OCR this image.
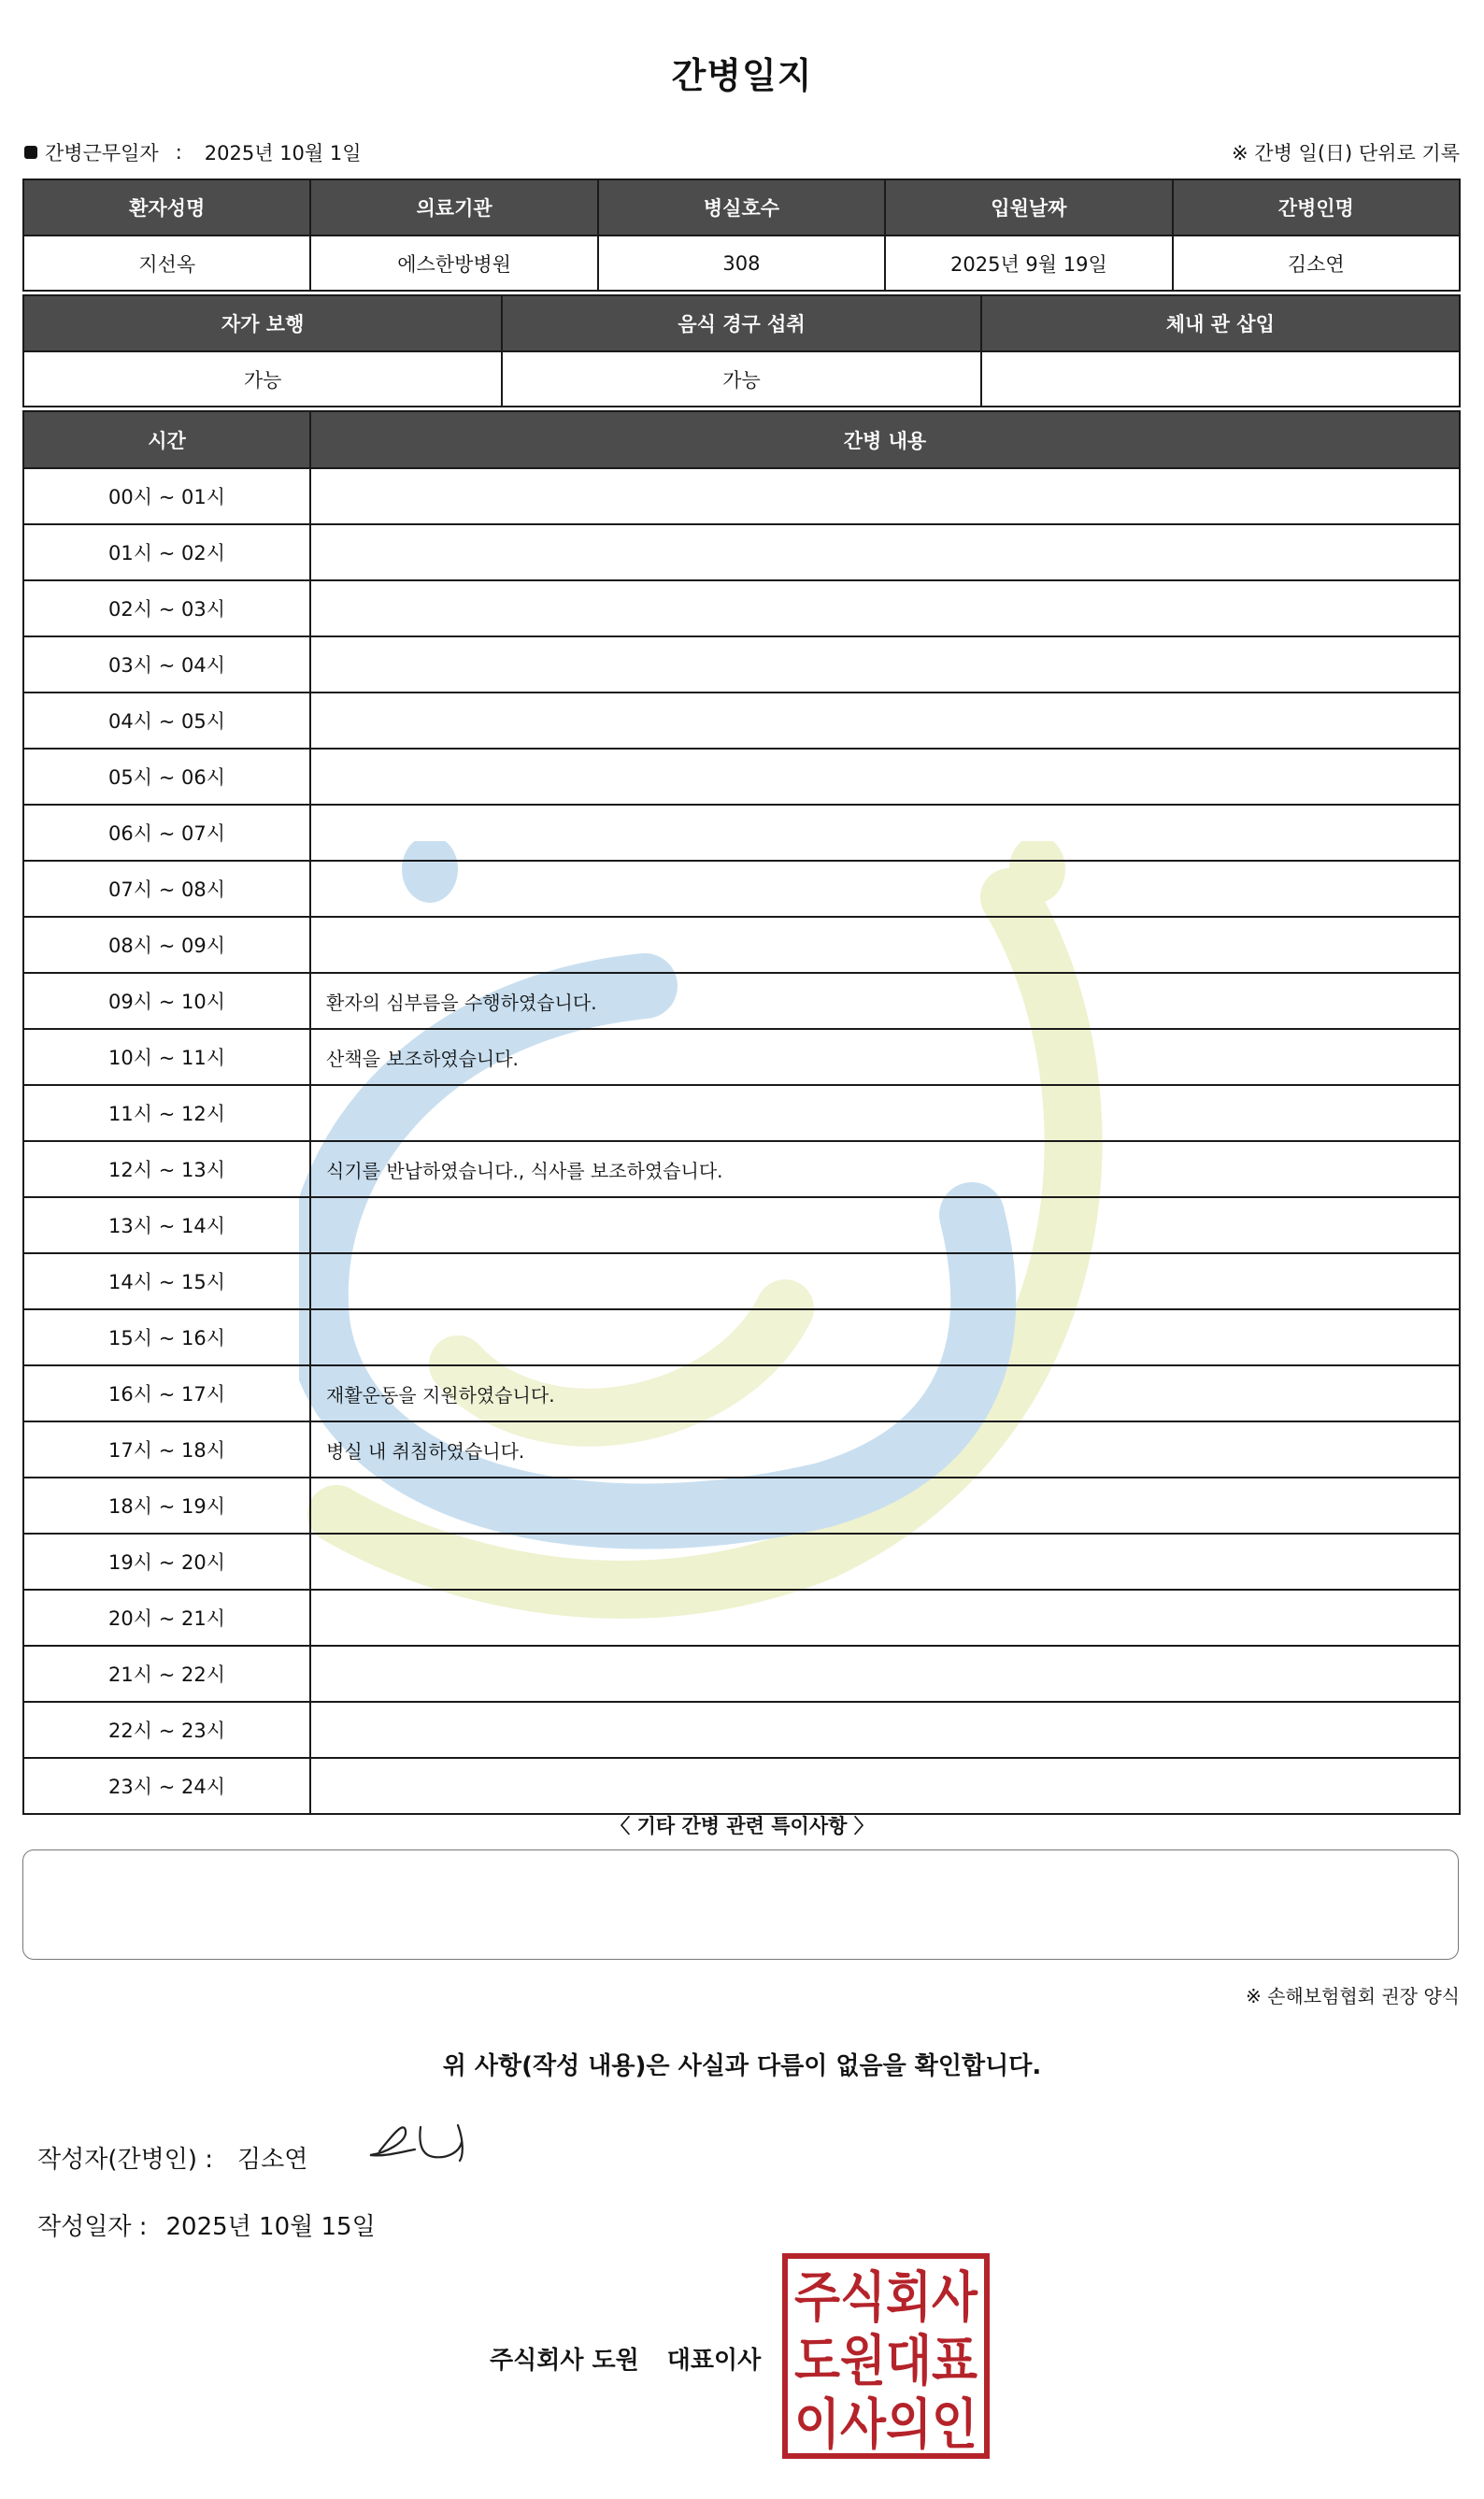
간병일지
간병근무일자 : 2025년 10월 1일	※ 간병 일(日) 단위로 기록
환자성명	의료기관	병실호수	입원날짜	간병인명
지선옥	에스한방병원	308	2025년 9월 19일	김소연
자가 보행	음식 경구 섭취	체내 관 삽입
가능	가능	
시간	간병 내용
00시 ~ 01시	
01시 ~ 02시	
02시 ~ 03시	
03시 ~ 04시	
04시 ~ 05시	
05시 ~ 06시	
06시 ~ 07시	
07시 ~ 08시	
08시 ~ 09시	
09시 ~ 10시	환자의 심부름을 수행하였습니다.
10시 ~ 11시	산책을 보조하였습니다.
11시 ~ 12시	
12시 ~ 13시	식기를 반납하였습니다., 식사를 보조하였습니다.
13시 ~ 14시	
14시 ~ 15시	
15시 ~ 16시	
16시 ~ 17시	재활운동을 지원하였습니다.
17시 ~ 18시	병실 내 취침하였습니다.
18시 ~ 19시	
19시 ~ 20시	
20시 ~ 21시	
21시 ~ 22시	
22시 ~ 23시	
23시 ~ 24시	
〈 기타 간병 관련 특이사항 〉
※ 손해보험협회 권장 양식
위 사항(작성 내용)은 사실과 다름이 없음을 확인합니다.
작성자(간병인) : 김소연
작성일자 : 2025년 10월 15일
주식회사 도원 대표이사
주식회사
도원대표
이사의인
